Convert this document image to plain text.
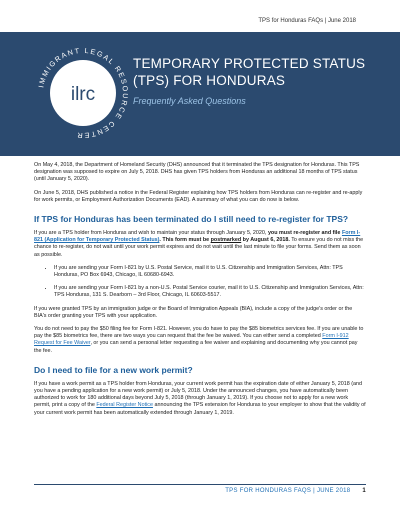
TPS for Honduras FAQs | June 2018
IMMIGRANT LEGAL RESOURCE CENTER
ilrc
TEMPORARY PROTECTED STATUS (TPS) FOR HONDURAS
Frequently Asked Questions

On May 4, 2018, the Department of Homeland Security (DHS) announced that it terminated the TPS designation for Honduras. This TPS designation was supposed to expire on July 5, 2018. DHS has given TPS holders from Honduras an additional 18 months of TPS status (until January 5, 2020).

On June 5, 2018, DHS published a notice in the Federal Register explaining how TPS holders from Honduras can re-register and re-apply for work permits, or Employment Authorization Documents (EAD). A summary of what you can do now is below.

If TPS for Honduras has been terminated do I still need to re-register for TPS?

If you are a TPS holder from Honduras and wish to maintain your status through January 5, 2020, you must re-register and file Form I-821 (Application for Temporary Protected Status). This form must be postmarked by August 6, 2018. To ensure you do not miss the chance to re-register, do not wait until your work permit expires and do not wait until the last minute to file your forms. Send them as soon as possible.

• If you are sending your Form I-821 by U.S. Postal Service, mail it to U.S. Citizenship and Immigration Services, Attn: TPS Honduras, PO Box 6943, Chicago, IL 60680-6943.
• If you are sending your Form I-821 by a non-U.S. Postal Service courier, mail it to U.S. Citizenship and Immigration Services, Attn: TPS Honduras, 131 S. Dearborn – 3rd Floor, Chicago, IL 60603-5517.

If you were granted TPS by an immigration judge or the Board of Immigration Appeals (BIA), include a copy of the judge's order or the BIA's order granting your TPS with your application.

You do not need to pay the $50 filing fee for Form I-821. However, you do have to pay the $85 biometrics services fee. If you are unable to pay the $85 biometrics fee, there are two ways you can request that the fee be waived. You can either send a completed Form I-912 Request for Fee Waiver, or you can send a personal letter requesting a fee waiver and explaining and documenting why you cannot pay the fee.

Do I need to file for a new work permit?

If you have a work permit as a TPS holder from Honduras, your current work permit has the expiration date of either January 5, 2018 (and you have a pending application for a new work permit) or July 5, 2018. Under the announced changes, you have automatically been authorized to work for 180 additional days beyond July 5, 2018 (through January 1, 2019). If you choose not to apply for a new work permit, print a copy of the Federal Register Notice announcing the TPS extension for Honduras to your employer to show that the validity of your current work permit has been automatically extended through January 1, 2019.

TPS FOR HONDURAS FAQS | JUNE 2018 1
